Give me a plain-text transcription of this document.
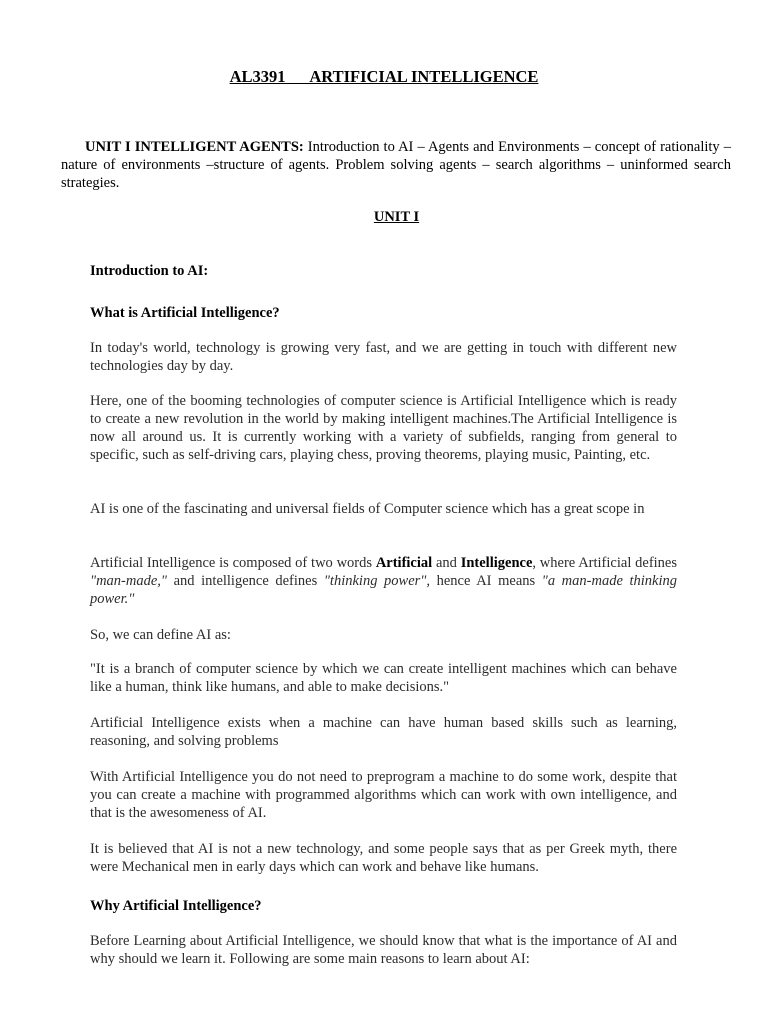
AL3391      ARTIFICIAL INTELLIGENCE

UNIT I INTELLIGENT AGENTS: Introduction to AI – Agents and Environments – concept of rationality – nature of environments –structure of agents. Problem solving agents – search algorithms – uninformed search strategies.

UNIT I

Introduction to AI:

What is Artificial Intelligence?

In today's world, technology is growing very fast, and we are getting in touch with different new technologies day by day.

Here, one of the booming technologies of computer science is Artificial Intelligence which is ready to create a new revolution in the world by making intelligent machines.The Artificial Intelligence is now all around us. It is currently working with a variety of subfields, ranging from general to specific, such as self-driving cars, playing chess, proving theorems, playing music, Painting, etc.

AI is one of the fascinating and universal fields of Computer science which has a great scope in

Artificial Intelligence is composed of two words Artificial and Intelligence, where Artificial defines "man-made," and intelligence defines "thinking power", hence AI means "a man-made thinking power."

So, we can define AI as:

"It is a branch of computer science by which we can create intelligent machines which can behave like a human, think like humans, and able to make decisions."

Artificial Intelligence exists when a machine can have human based skills such as learning, reasoning, and solving problems

With Artificial Intelligence you do not need to preprogram a machine to do some work, despite that you can create a machine with programmed algorithms which can work with own intelligence, and that is the awesomeness of AI.

It is believed that AI is not a new technology, and some people says that as per Greek myth, there were Mechanical men in early days which can work and behave like humans.

Why Artificial Intelligence?

Before Learning about Artificial Intelligence, we should know that what is the importance of AI and why should we learn it. Following are some main reasons to learn about AI:
